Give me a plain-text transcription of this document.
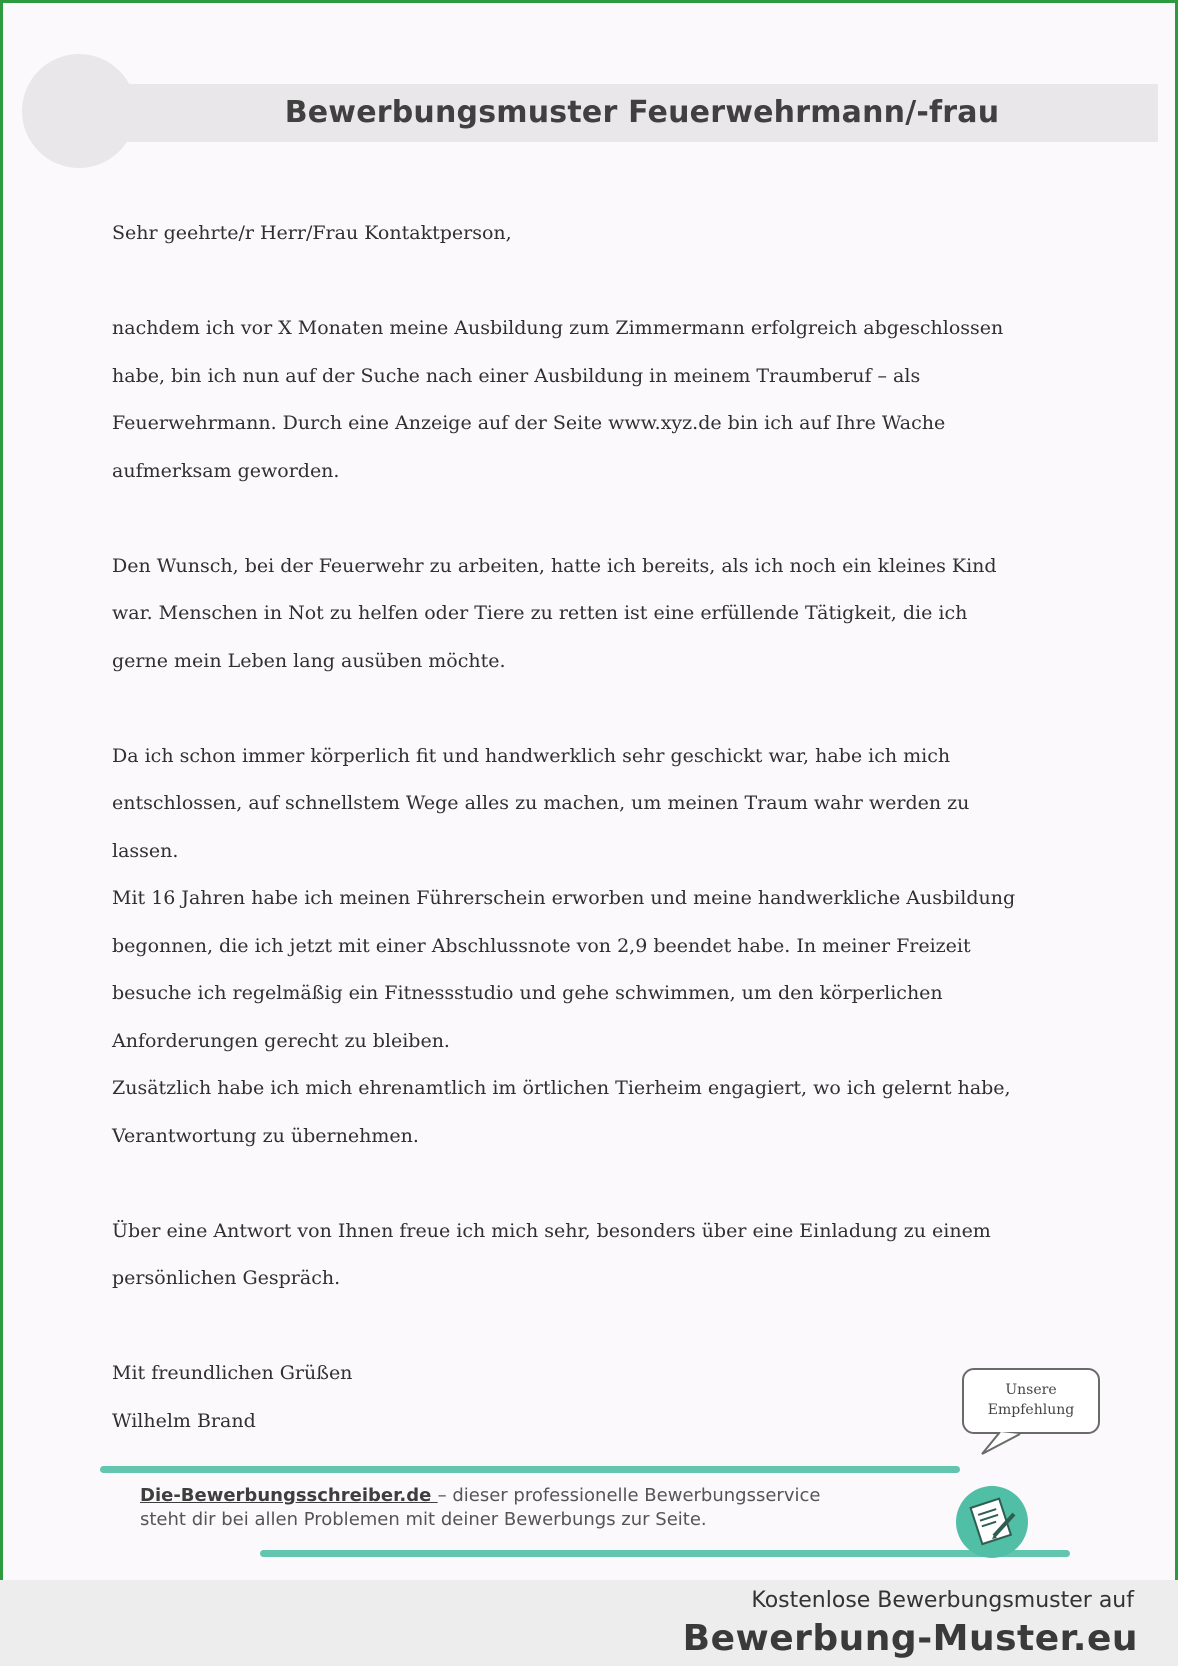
Bewerbungsmuster Feuerwehrmann/-frau

Sehr geehrte/r Herr/Frau Kontaktperson,

nachdem ich vor X Monaten meine Ausbildung zum Zimmermann erfolgreich abgeschlossen

habe, bin ich nun auf der Suche nach einer Ausbildung in meinem Traumberuf – als

Feuerwehrmann. Durch eine Anzeige auf der Seite www.xyz.de bin ich auf Ihre Wache

aufmerksam geworden.

Den Wunsch, bei der Feuerwehr zu arbeiten, hatte ich bereits, als ich noch ein kleines Kind

war. Menschen in Not zu helfen oder Tiere zu retten ist eine erfüllende Tätigkeit, die ich

gerne mein Leben lang ausüben möchte.

Da ich schon immer körperlich fit und handwerklich sehr geschickt war, habe ich mich

entschlossen, auf schnellstem Wege alles zu machen, um meinen Traum wahr werden zu

lassen.

Mit 16 Jahren habe ich meinen Führerschein erworben und meine handwerkliche Ausbildung

begonnen, die ich jetzt mit einer Abschlussnote von 2,9 beendet habe. In meiner Freizeit

besuche ich regelmäßig ein Fitnessstudio und gehe schwimmen, um den körperlichen

Anforderungen gerecht zu bleiben.

Zusätzlich habe ich mich ehrenamtlich im örtlichen Tierheim engagiert, wo ich gelernt habe,

Verantwortung zu übernehmen.

Über eine Antwort von Ihnen freue ich mich sehr, besonders über eine Einladung zu einem

persönlichen Gespräch.

Mit freundlichen Grüßen

Wilhelm Brand

Unsere
Empfehlung
Die-Bewerbungsschreiber.de – dieser professionelle Bewerbungsservice
steht dir bei allen Problemen mit deiner Bewerbungs zur Seite.
Kostenlose Bewerbungsmuster auf
Bewerbung-Muster.eu
